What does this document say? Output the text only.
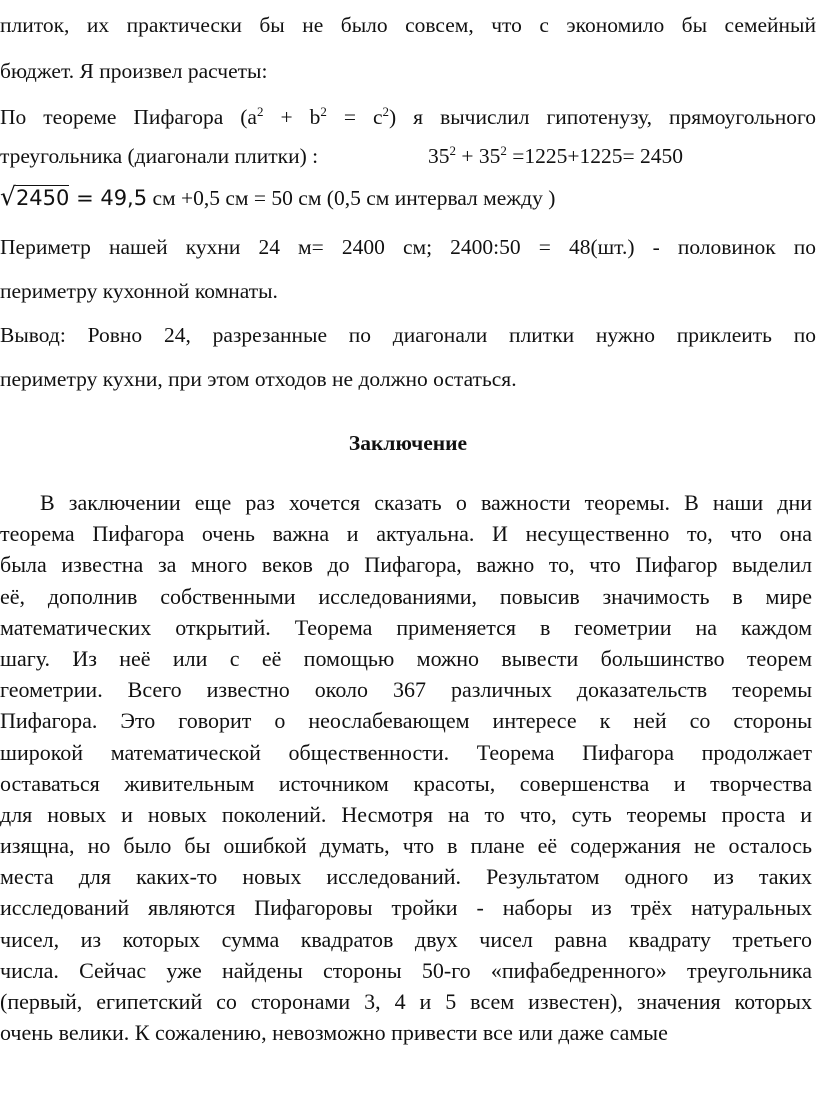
плиток, их практически бы не было совсем, что с экономило бы семейный
бюджет. Я произвел расчеты:
По теореме Пифагора $(a^2 + b^2 = c^2)$ я вычислил гипотенузу, прямоугольного
треугольника (диагонали плитки) :	$35^2 + 35^2 =1225+1225= 2450$
√2450 = 49,5 см +0,5 см = 50 см (0,5 см интервал между )
Периметр нашей кухни 24 м= 2400 см; 2400:50 = 48(шт.) - половинок по
периметру кухонной комнаты.
Вывод: Ровно 24, разрезанные по диагонали плитки нужно приклеить по
периметру кухни, при этом отходов не должно остаться.
Заключение
В заключении еще раз хочется сказать о важности теоремы. В наши дни
теорема Пифагора очень важна и актуальна. И несущественно то, что она
была известна за много веков до Пифагора, важно то, что Пифагор выделил
её, дополнив собственными исследованиями, повысив значимость в мире
математических открытий. Теорема применяется в геометрии на каждом
шагу. Из неё или с её помощью можно вывести большинство теорем
геометрии. Всего известно около 367 различных доказательств теоремы
Пифагора. Это говорит о неослабевающем интересе к ней со стороны
широкой математической общественности. Теорема Пифагора продолжает
оставаться живительным источником красоты, совершенства и творчества
для новых и новых поколений. Несмотря на то что, суть теоремы проста и
изящна, но было бы ошибкой думать, что в плане её содержания не осталось
места для каких-то новых исследований. Результатом одного из таких
исследований являются Пифагоровы тройки - наборы из трёх натуральных
чисел, из которых сумма квадратов двух чисел равна квадрату третьего
числа. Сейчас уже найдены стороны 50-го «пифабедренного» треугольника
(первый, египетский со сторонами 3, 4 и 5 всем известен), значения которых
очень велики. К сожалению, невозможно привести все или даже самые
